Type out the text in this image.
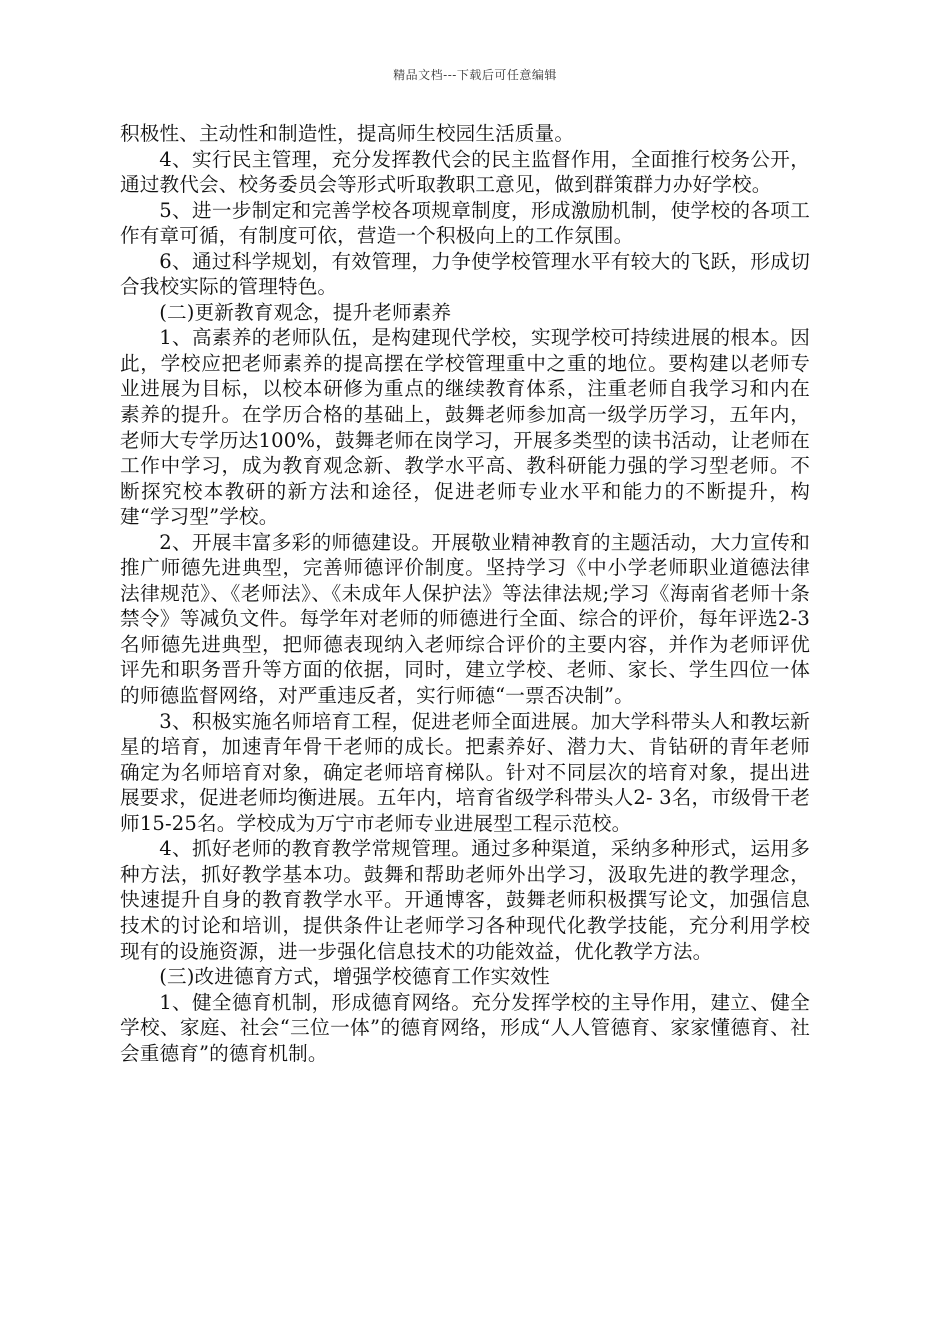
精品文档---下载后可任意编辑

积极性、主动性和制造性，提高师生校园生活质量。

4、实行民主管理，充分发挥教代会的民主监督作用，全面推行校务公开，通过教代会、校务委员会等形式听取教职工意见，做到群策群力办好学校。

5、进一步制定和完善学校各项规章制度，形成激励机制，使学校的各项工作有章可循，有制度可依，营造一个积极向上的工作氛围。

6、通过科学规划，有效管理，力争使学校管理水平有较大的飞跃，形成切合我校实际的管理特色。

(二)更新教育观念，提升老师素养

1、高素养的老师队伍，是构建现代学校，实现学校可持续进展的根本。因此，学校应把老师素养的提高摆在学校管理重中之重的地位。要构建以老师专业进展为目标，以校本研修为重点的继续教育体系，注重老师自我学习和内在素养的提升。在学历合格的基础上，鼓舞老师参加高一级学历学习，五年内，老师大专学历达100%，鼓舞老师在岗学习，开展多类型的读书活动，让老师在工作中学习，成为教育观念新、教学水平高、教科研能力强的学习型老师。不断探究校本教研的新方法和途径，促进老师专业水平和能力的不断提升，构建“学习型”学校。

2、开展丰富多彩的师德建设。开展敬业精神教育的主题活动，大力宣传和推广师德先进典型，完善师德评价制度。坚持学习《中小学老师职业道德法律法律规范》、《老师法》、《未成年人保护法》等法律法规;学习《海南省老师十条禁令》等减负文件。每学年对老师的师德进行全面、综合的评价，每年评选2-3名师德先进典型，把师德表现纳入老师综合评价的主要内容，并作为老师评优评先和职务晋升等方面的依据，同时，建立学校、老师、家长、学生四位一体的师德监督网络，对严重违反者，实行师德“一票否决制”。

3、积极实施名师培育工程，促进老师全面进展。加大学科带头人和教坛新星的培育，加速青年骨干老师的成长。把素养好、潜力大、肯钻研的青年老师确定为名师培育对象，确定老师培育梯队。针对不同层次的培育对象，提出进展要求，促进老师均衡进展。五年内，培育省级学科带头人2- 3名，市级骨干老师15-25名。学校成为万宁市老师专业进展型工程示范校。

4、抓好老师的教育教学常规管理。通过多种渠道，采纳多种形式，运用多种方法，抓好教学基本功。鼓舞和帮助老师外出学习，汲取先进的教学理念，快速提升自身的教育教学水平。开通博客，鼓舞老师积极撰写论文，加强信息技术的讨论和培训，提供条件让老师学习各种现代化教学技能，充分利用学校现有的设施资源，进一步强化信息技术的功能效益，优化教学方法。

(三)改进德育方式，增强学校德育工作实效性

1、健全德育机制，形成德育网络。充分发挥学校的主导作用，建立、健全学校、家庭、社会“三位一体”的德育网络，形成“人人管德育、家家懂德育、社会重德育”的德育机制。
